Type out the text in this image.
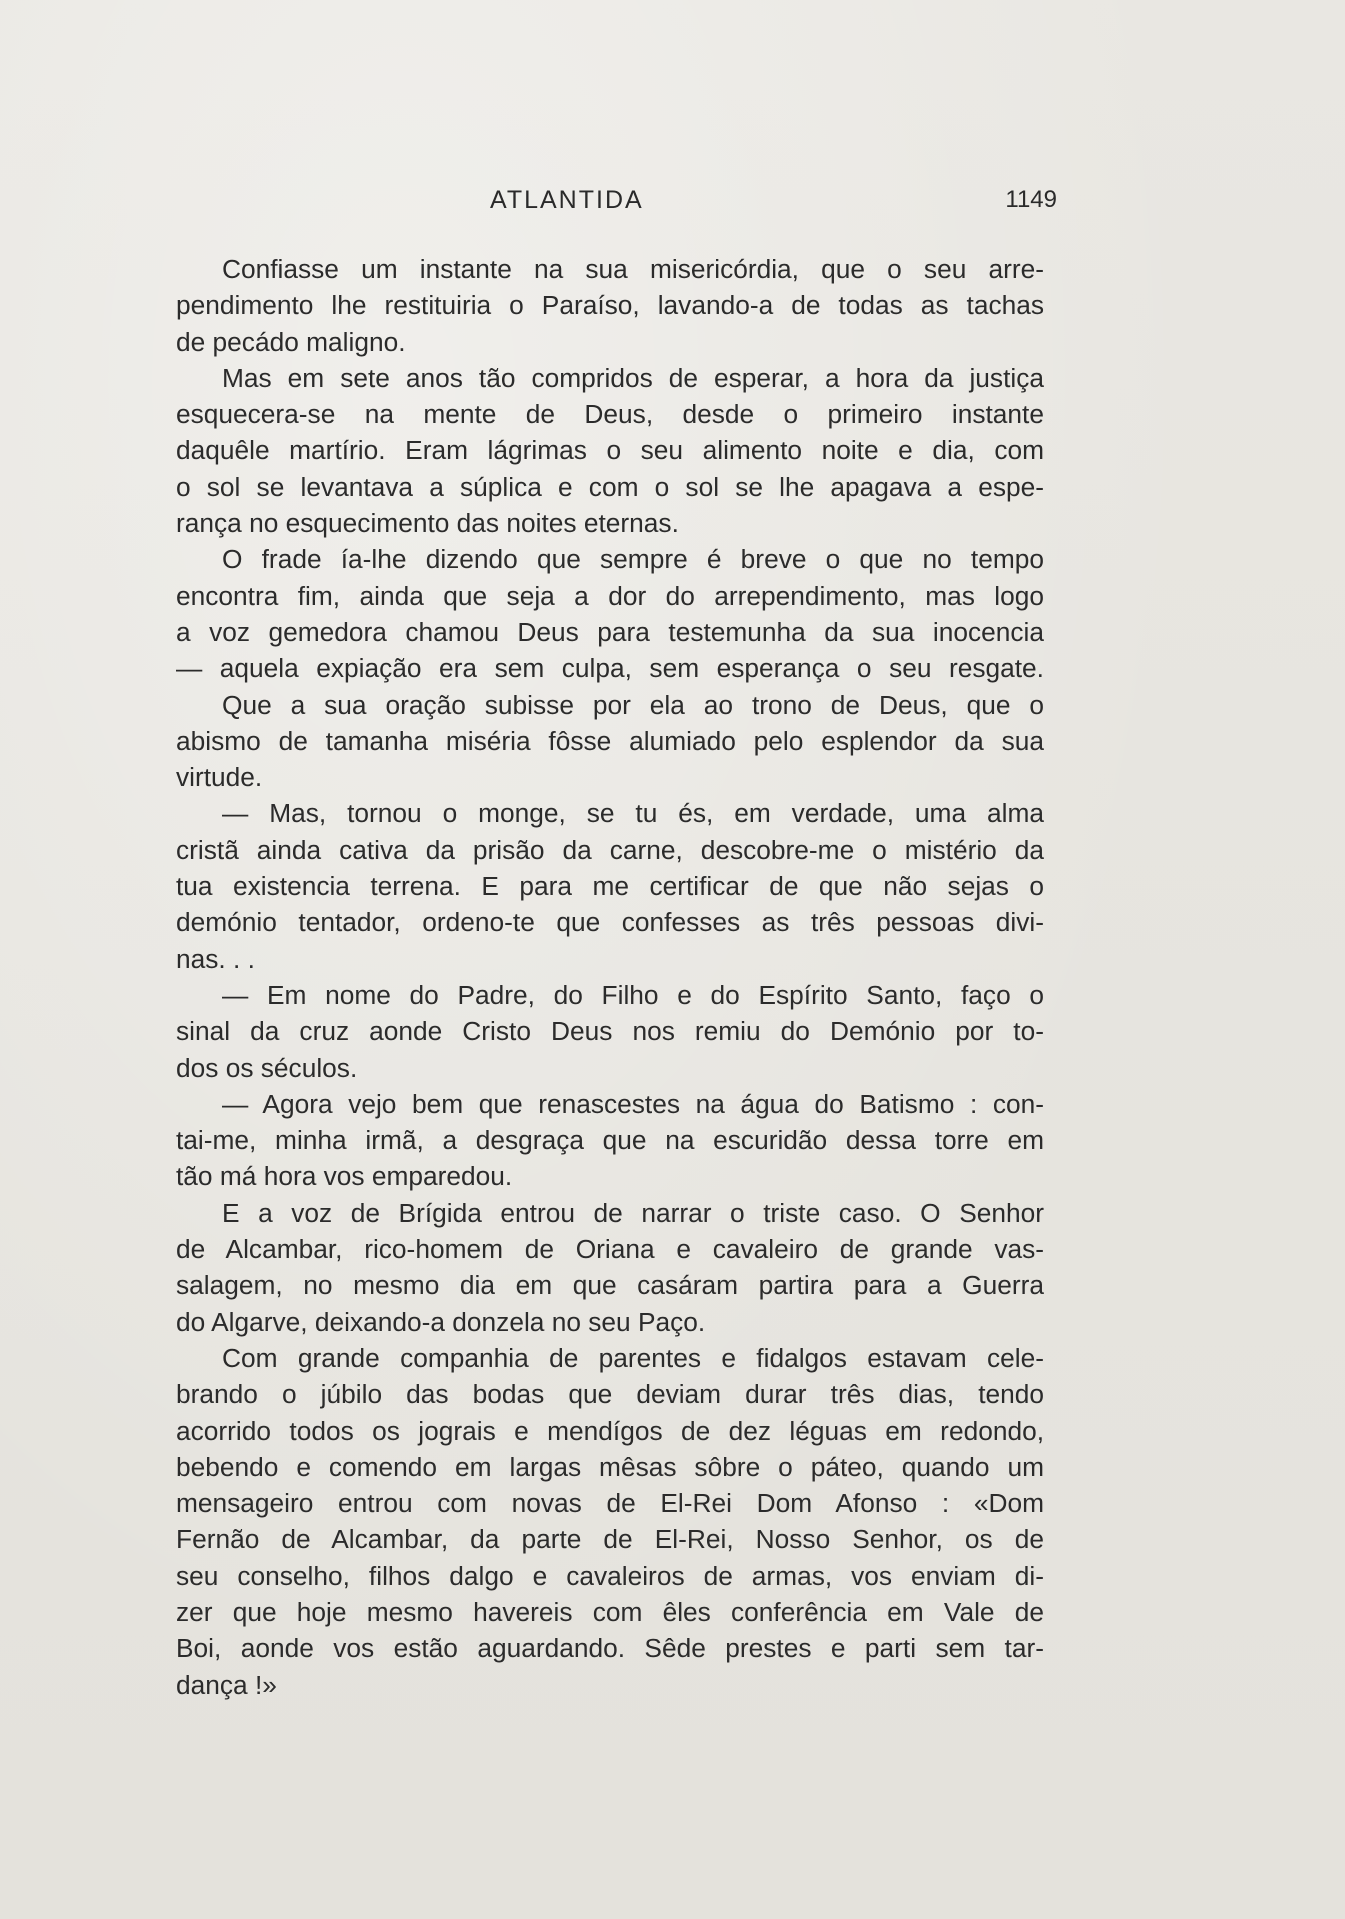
ATLANTIDA	1149
Confiasse um instante na sua misericórdia, que o seu arre-
pendimento lhe restituiria o Paraíso, lavando-a de todas as tachas
de pecádo maligno.
Mas em sete anos tão compridos de esperar, a hora da justiça
esquecera-se na mente de Deus, desde o primeiro instante
daquêle martírio. Eram lágrimas o seu alimento noite e dia, com
o sol se levantava a súplica e com o sol se lhe apagava a espe-
rança no esquecimento das noites eternas.
O frade ía-lhe dizendo que sempre é breve o que no tempo
encontra fim, ainda que seja a dor do arrependimento, mas logo
a voz gemedora chamou Deus para testemunha da sua inocencia
— aquela expiação era sem culpa, sem esperança o seu resgate.
Que a sua oração subisse por ela ao trono de Deus, que o
abismo de tamanha miséria fôsse alumiado pelo esplendor da sua
virtude.
— Mas, tornou o monge, se tu és, em verdade, uma alma
cristã ainda cativa da prisão da carne, descobre-me o mistério da
tua existencia terrena. E para me certificar de que não sejas o
demónio tentador, ordeno-te que confesses as três pessoas divi-
nas. . .
— Em nome do Padre, do Filho e do Espírito Santo, faço o
sinal da cruz aonde Cristo Deus nos remiu do Demónio por to-
dos os séculos.
— Agora vejo bem que renascestes na água do Batismo : con-
tai-me, minha irmã, a desgraça que na escuridão dessa torre em
tão má hora vos emparedou.
E a voz de Brígida entrou de narrar o triste caso. O Senhor
de Alcambar, rico-homem de Oriana e cavaleiro de grande vas-
salagem, no mesmo dia em que casáram partira para a Guerra
do Algarve, deixando-a donzela no seu Paço.
Com grande companhia de parentes e fidalgos estavam cele-
brando o júbilo das bodas que deviam durar três dias, tendo
acorrido todos os jograis e mendígos de dez léguas em redondo,
bebendo e comendo em largas mêsas sôbre o páteo, quando um
mensageiro entrou com novas de El-Rei Dom Afonso : «Dom
Fernão de Alcambar, da parte de El-Rei, Nosso Senhor, os de
seu conselho, filhos dalgo e cavaleiros de armas, vos enviam di-
zer que hoje mesmo havereis com êles conferência em Vale de
Boi, aonde vos estão aguardando. Sêde prestes e parti sem tar-
dança !»
